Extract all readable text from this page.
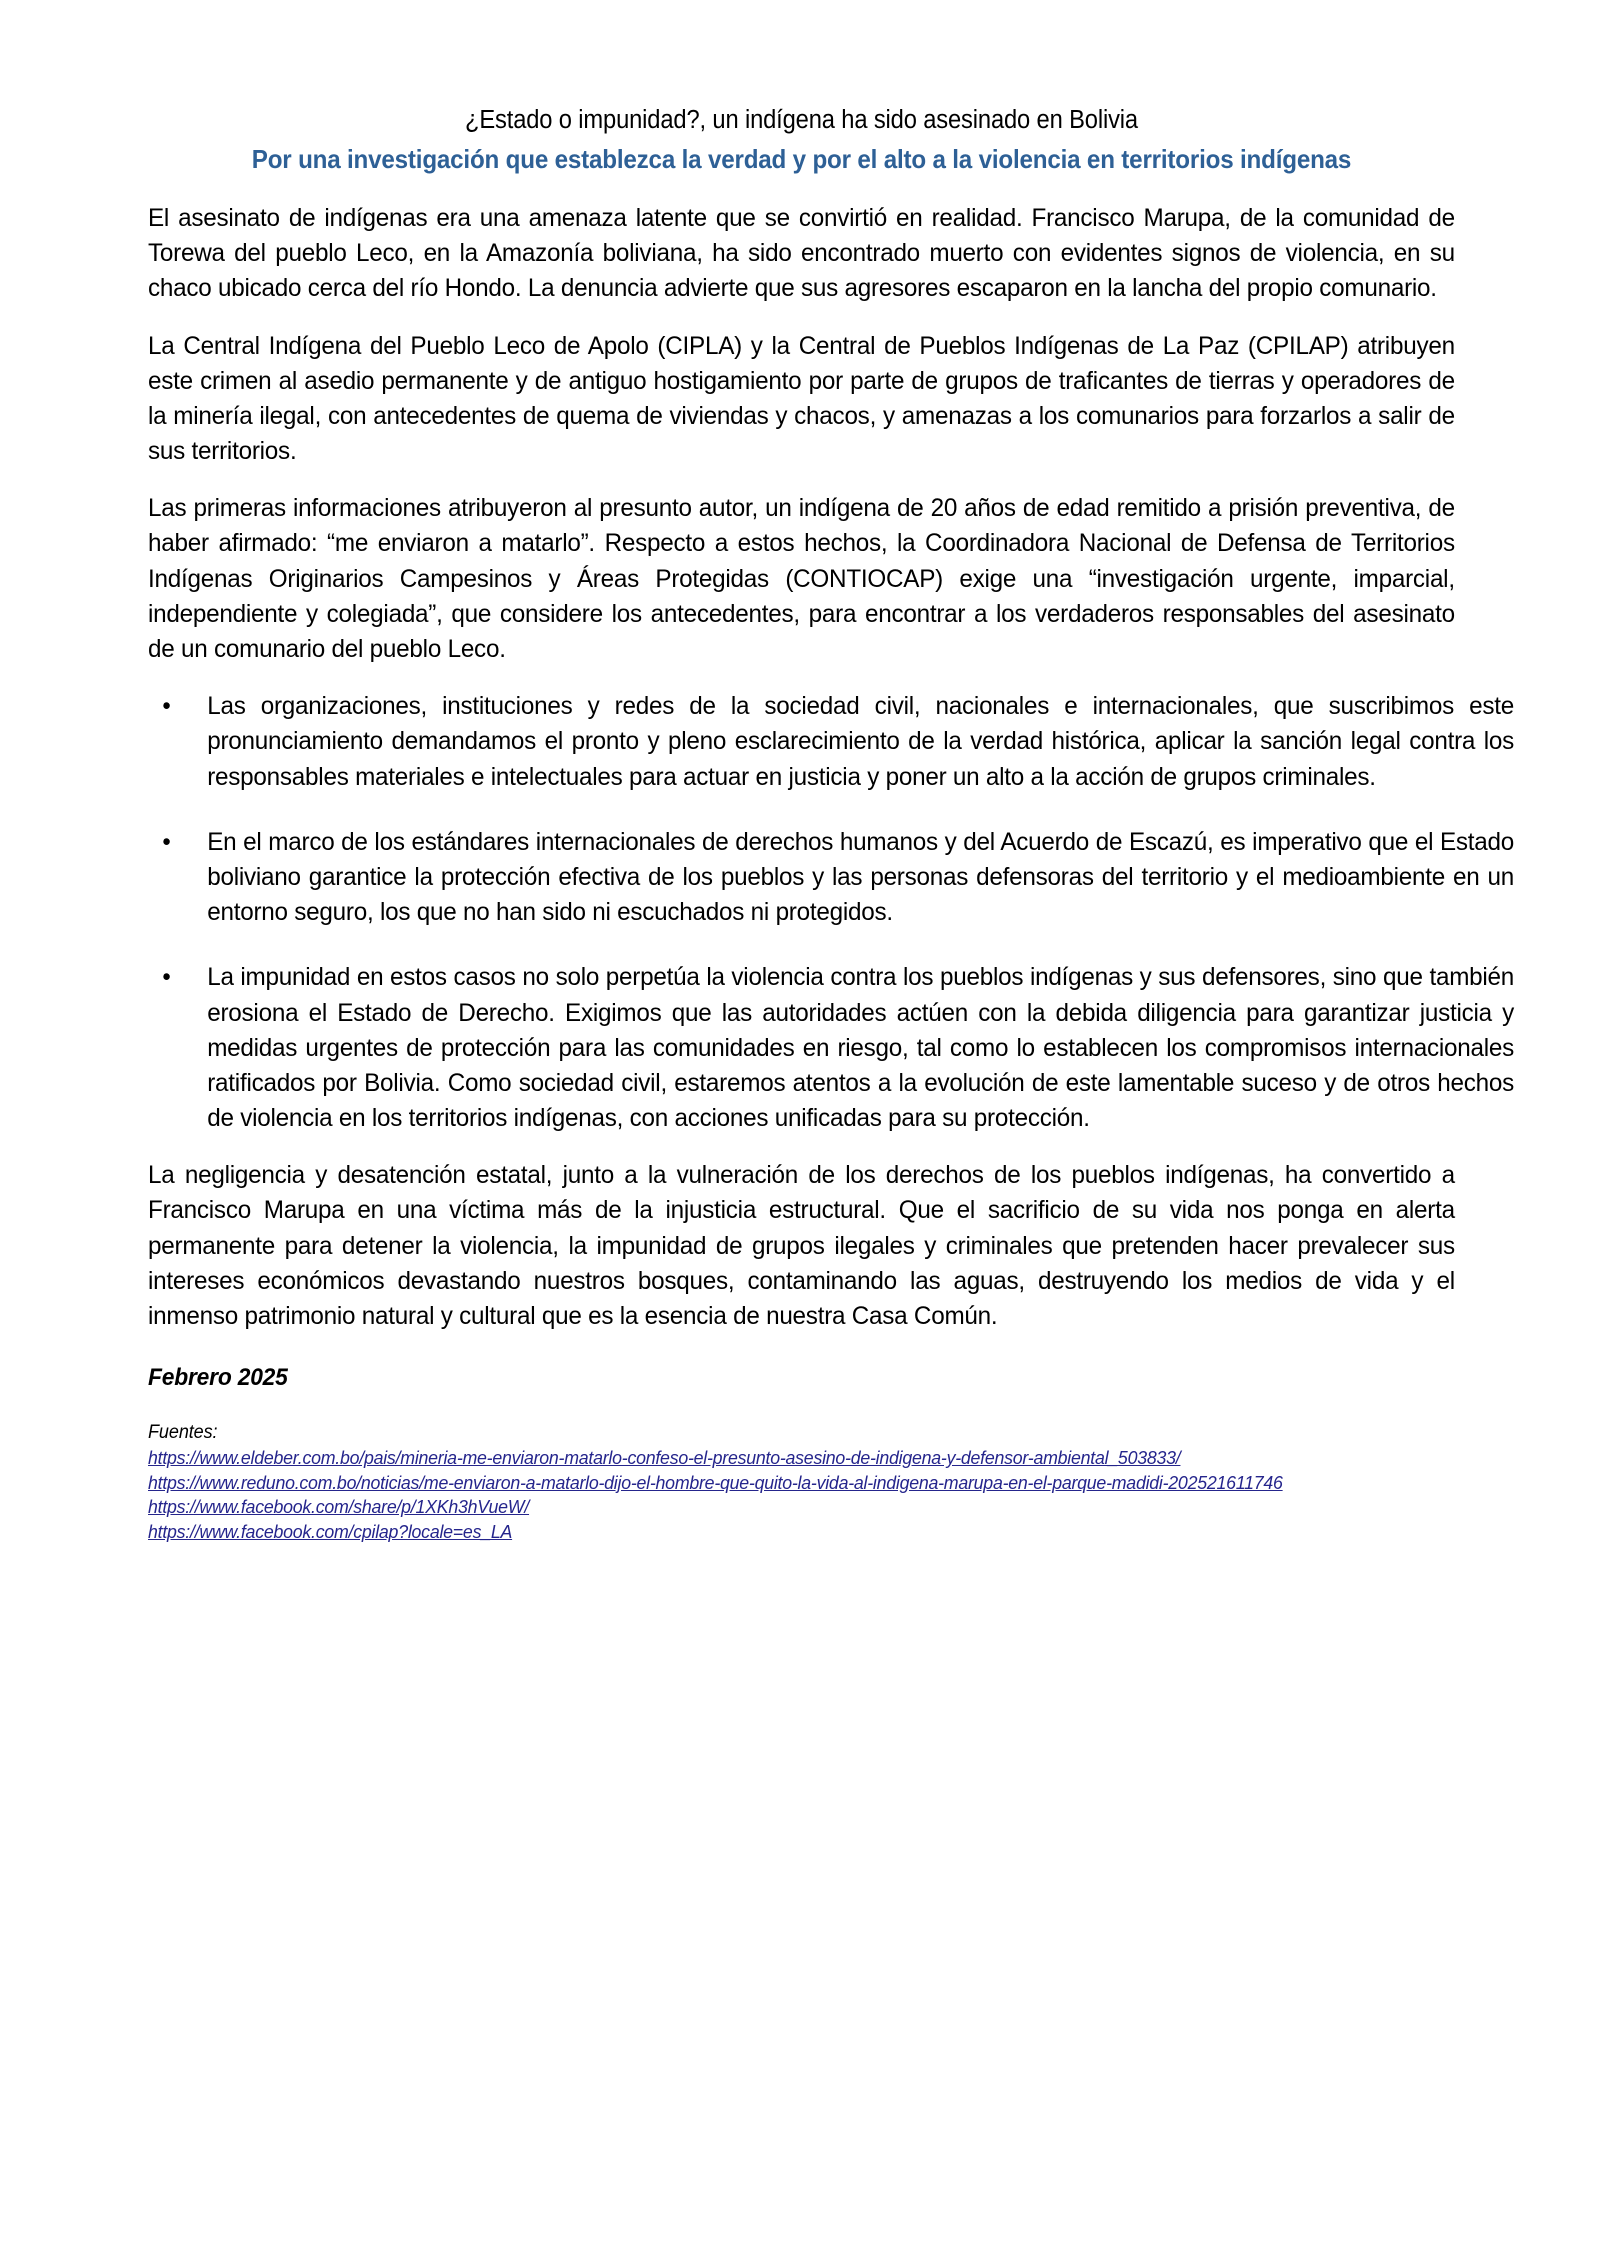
¿Estado o impunidad?, un indígena ha sido asesinado en Bolivia
Por una investigación que establezca la verdad y por el alto a la violencia en territorios indígenas

El asesinato de indígenas era una amenaza latente que se convirtió en realidad. Francisco Marupa, de la comunidad de Torewa del pueblo Leco, en la Amazonía boliviana, ha sido encontrado muerto con evidentes signos de violencia, en su chaco ubicado cerca del río Hondo. La denuncia advierte que sus agresores escaparon en la lancha del propio comunario.

La Central Indígena del Pueblo Leco de Apolo (CIPLA) y la Central de Pueblos Indígenas de La Paz (CPILAP) atribuyen este crimen al asedio permanente y de antiguo hostigamiento por parte de grupos de traficantes de tierras y operadores de la minería ilegal, con antecedentes de quema de viviendas y chacos, y amenazas a los comunarios para forzarlos a salir de sus territorios.

Las primeras informaciones atribuyeron al presunto autor, un indígena de 20 años de edad remitido a prisión preventiva, de haber afirmado: “me enviaron a matarlo”. Respecto a estos hechos, la Coordinadora Nacional de Defensa de Territorios Indígenas Originarios Campesinos y Áreas Protegidas (CONTIOCAP) exige una “investigación urgente, imparcial, independiente y colegiada”, que considere los antecedentes, para encontrar a los verdaderos responsables del asesinato de un comunario del pueblo Leco.

• Las organizaciones, instituciones y redes de la sociedad civil, nacionales e internacionales, que suscribimos este pronunciamiento demandamos el pronto y pleno esclarecimiento de la verdad histórica, aplicar la sanción legal contra los responsables materiales e intelectuales para actuar en justicia y poner un alto a la acción de grupos criminales.
• En el marco de los estándares internacionales de derechos humanos y del Acuerdo de Escazú, es imperativo que el Estado boliviano garantice la protección efectiva de los pueblos y las personas defensoras del territorio y el medioambiente en un entorno seguro, los que no han sido ni escuchados ni protegidos.
• La impunidad en estos casos no solo perpetúa la violencia contra los pueblos indígenas y sus defensores, sino que también erosiona el Estado de Derecho. Exigimos que las autoridades actúen con la debida diligencia para garantizar justicia y medidas urgentes de protección para las comunidades en riesgo, tal como lo establecen los compromisos internacionales ratificados por Bolivia. Como sociedad civil, estaremos atentos a la evolución de este lamentable suceso y de otros hechos de violencia en los territorios indígenas, con acciones unificadas para su protección.

La negligencia y desatención estatal, junto a la vulneración de los derechos de los pueblos indígenas, ha convertido a Francisco Marupa en una víctima más de la injusticia estructural. Que el sacrificio de su vida nos ponga en alerta permanente para detener la violencia, la impunidad de grupos ilegales y criminales que pretenden hacer prevalecer sus intereses económicos devastando nuestros bosques, contaminando las aguas, destruyendo los medios de vida y el inmenso patrimonio natural y cultural que es la esencia de nuestra Casa Común.

Febrero 2025
Fuentes:
https://www.eldeber.com.bo/pais/mineria-me-enviaron-matarlo-confeso-el-presunto-asesino-de-indigena-y-defensor-ambiental_503833/
https://www.reduno.com.bo/noticias/me-enviaron-a-matarlo-dijo-el-hombre-que-quito-la-vida-al-indigena-marupa-en-el-parque-madidi-202521611746
https://www.facebook.com/share/p/1XKh3hVueW/
https://www.facebook.com/cpilap?locale=es_LA
